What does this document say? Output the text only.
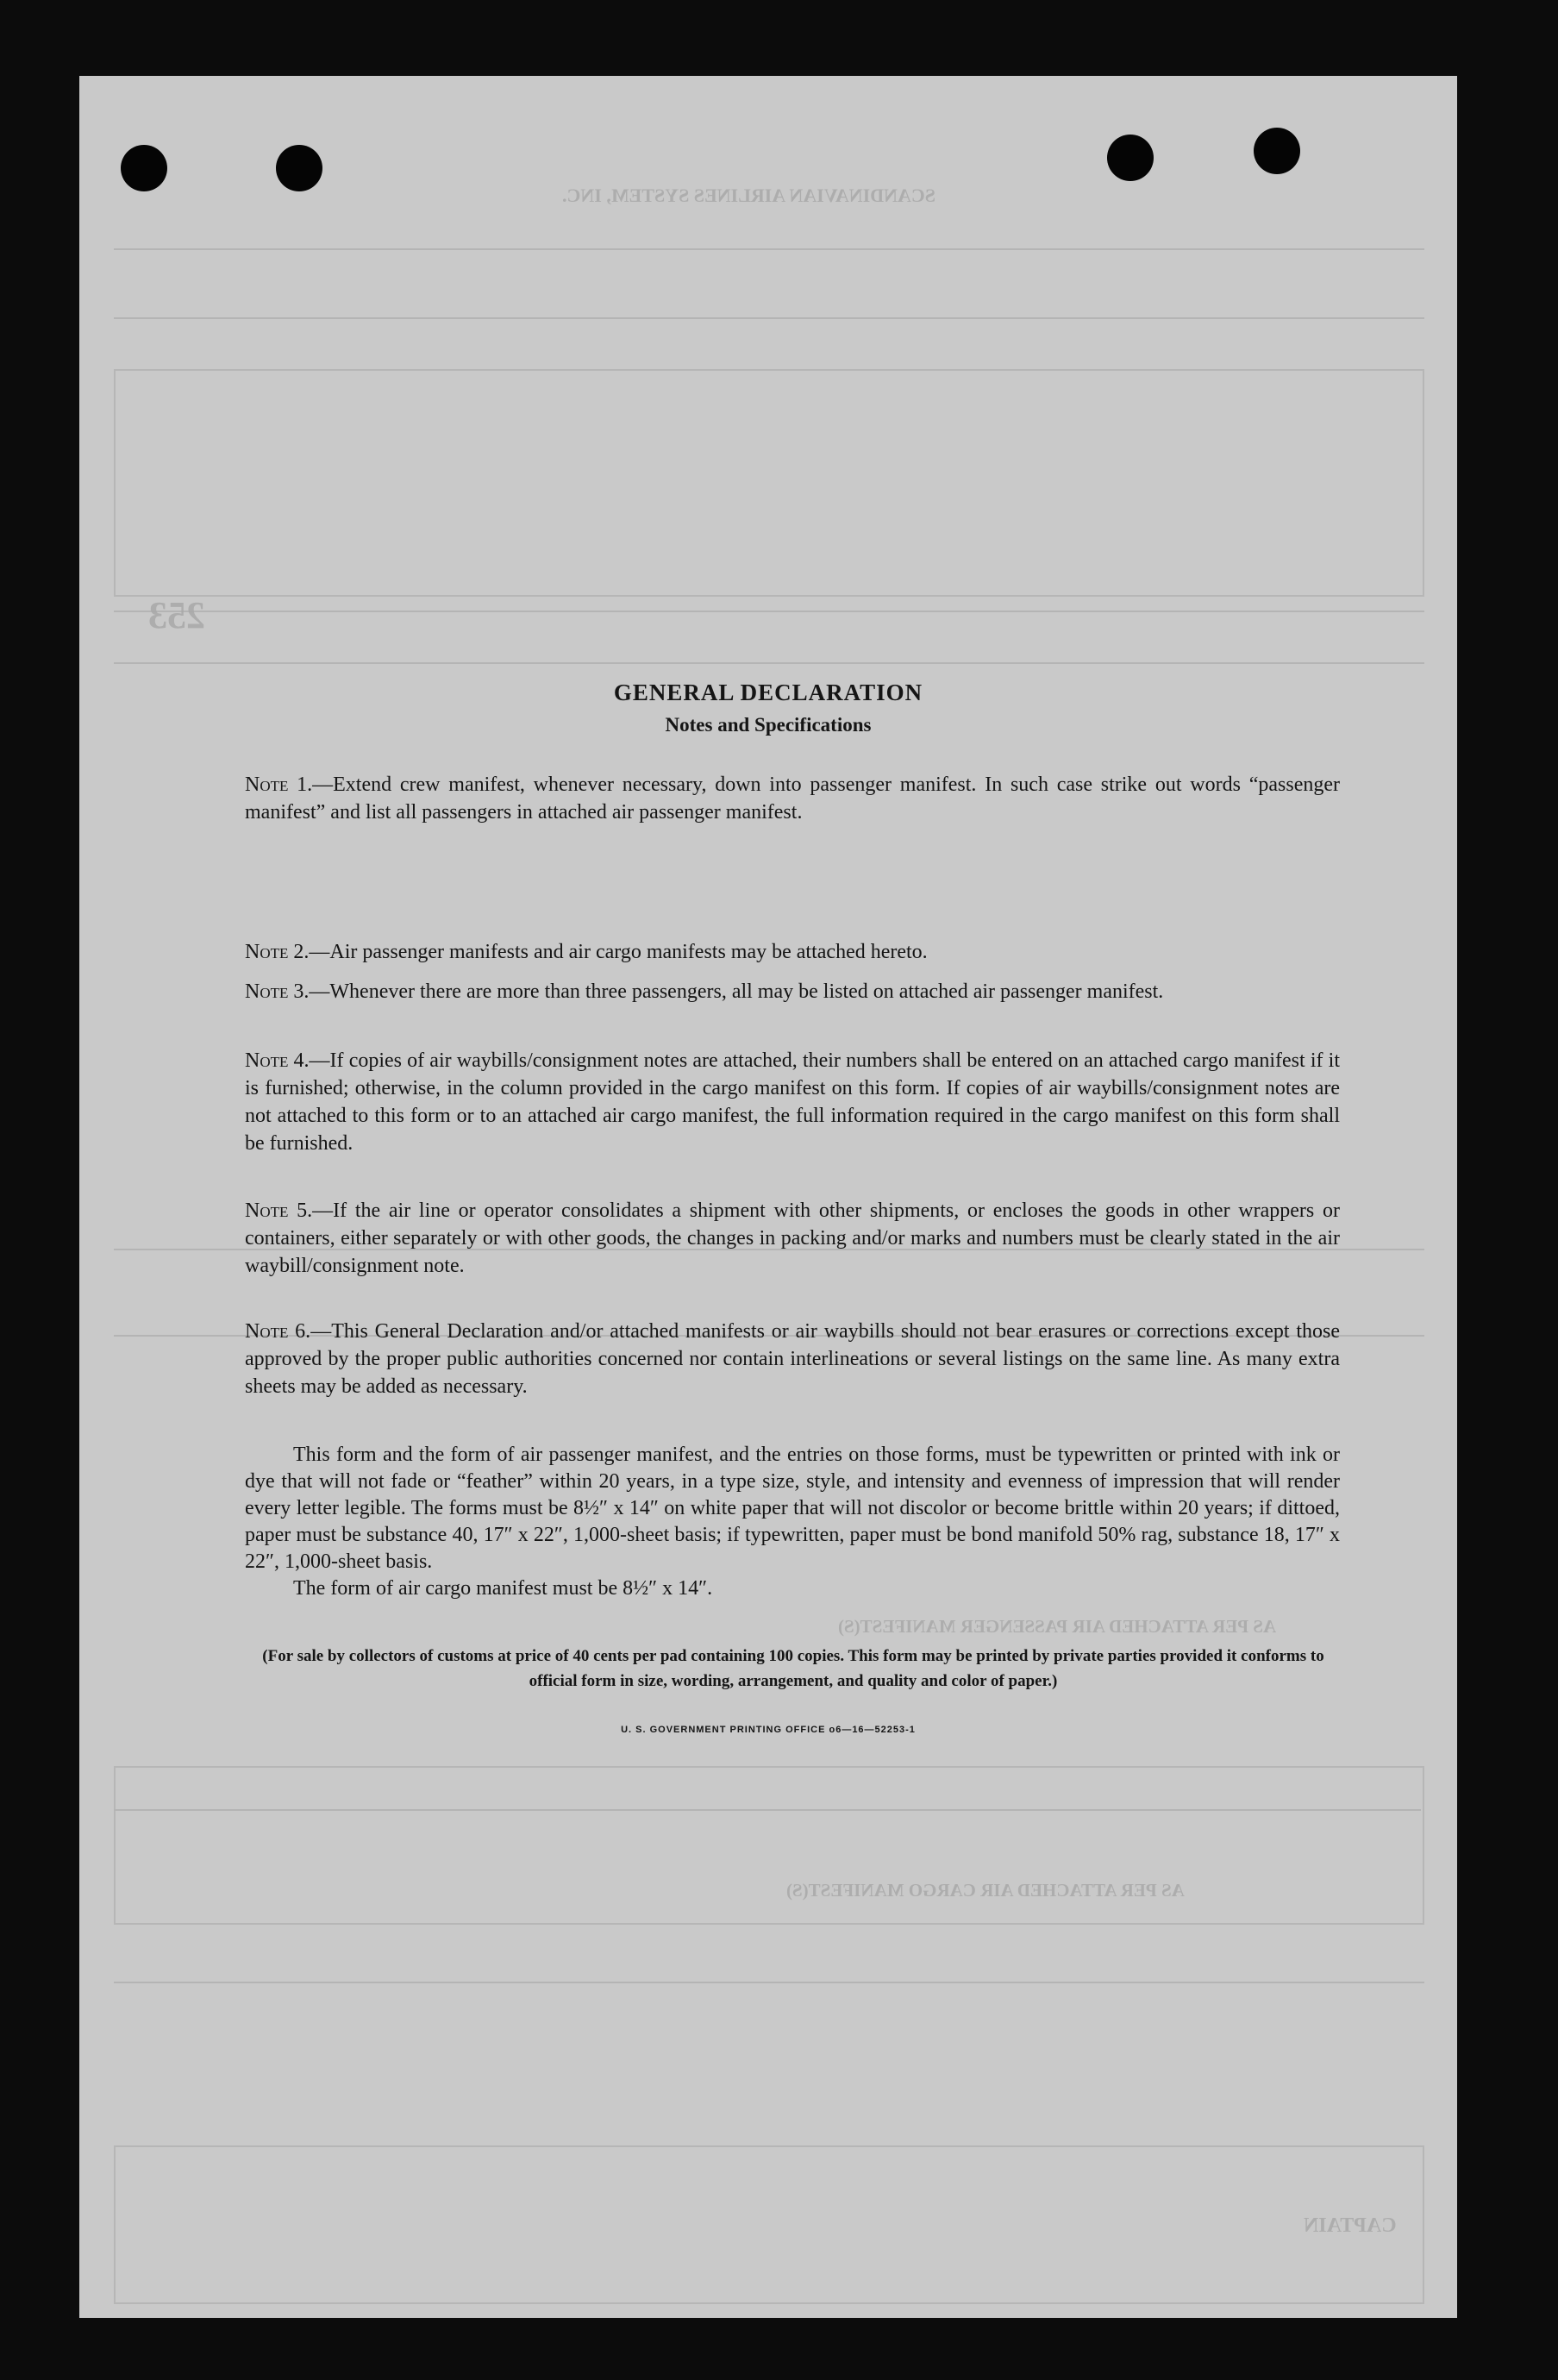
SCANDINAVIAN AIRLINES SYSTEM, INC.
253
AS PER ATTACHED AIR PASSENGER MANIFEST(S)
AS PER ATTACHED AIR CARGO MANIFEST(S)
CAPTAIN
GENERAL DECLARATION
Notes and Specifications
Note 1.—Extend crew manifest, whenever necessary, down into passenger manifest. In such case strike out words “passenger manifest” and list all passengers in attached air passenger manifest.
Note 2.—Air passenger manifests and air cargo manifests may be attached hereto.
Note 3.—Whenever there are more than three passengers, all may be listed on attached air passenger manifest.
Note 4.—If copies of air waybills/consignment notes are attached, their numbers shall be entered on an attached cargo manifest if it is furnished; otherwise, in the column provided in the cargo manifest on this form. If copies of air waybills/consignment notes are not attached to this form or to an attached air cargo manifest, the full information required in the cargo manifest on this form shall be furnished.
Note 5.—If the air line or operator consolidates a shipment with other shipments, or encloses the goods in other wrappers or containers, either separately or with other goods, the changes in packing and/or marks and numbers must be clearly stated in the air waybill/consignment note.
Note 6.—This General Declaration and/or attached manifests or air waybills should not bear erasures or corrections except those approved by the proper public authorities concerned nor contain interlineations or several listings on the same line. As many extra sheets may be added as necessary.

This form and the form of air passenger manifest, and the entries on those forms, must be typewritten or printed with ink or dye that will not fade or “feather” within 20 years, in a type size, style, and intensity and evenness of impression that will render every letter legible. The forms must be 8½″ x 14″ on white paper that will not discolor or become brittle within 20 years; if dittoed, paper must be substance 40, 17″ x 22″, 1,000-sheet basis; if typewritten, paper must be bond manifold 50% rag, substance 18, 17″ x 22″, 1,000-sheet basis.

The form of air cargo manifest must be 8½″ x 14″.

(For sale by collectors of customs at price of 40 cents per pad containing 100 copies. This form may be printed by private parties provided it conforms to official form in size, wording, arrangement, and quality and color of paper.)
U. S. GOVERNMENT PRINTING OFFICE o6—16—52253-1
